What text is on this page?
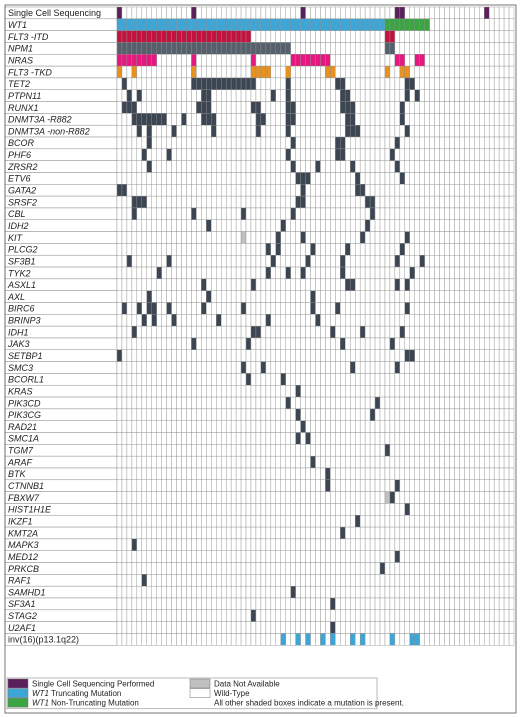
Single Cell Sequencing
WT1
FLT3 -ITD
NPM1
NRAS
FLT3 -TKD
TET2
PTPN11
RUNX1
DNMT3A -R882
DNMT3A -non-R882
BCOR
PHF6
ZRSR2
ETV6
GATA2
SRSF2
CBL
IDH2
KIT
PLCG2
SF3B1
TYK2
ASXL1
AXL
BIRC6
BRINP3
IDH1
JAK3
SETBP1
SMC3
BCORL1
KRAS
PIK3CD
PIK3CG
RAD21
SMC1A
TGM7
ARAF
BTK
CTNNB1
FBXW7
HIST1H1E
IKZF1
KMT2A
MAPK3
MED12
PRKCB
RAF1
SAMHD1
SF3A1
STAG2
U2AF1
inv(16)(p13.1q22)
Single Cell Sequencing Performed
WT1 Truncating Mutation
WT1 Non-Truncating Mutation
Data Not Available
Wild-Type
All other shaded boxes indicate a mutation is present.
